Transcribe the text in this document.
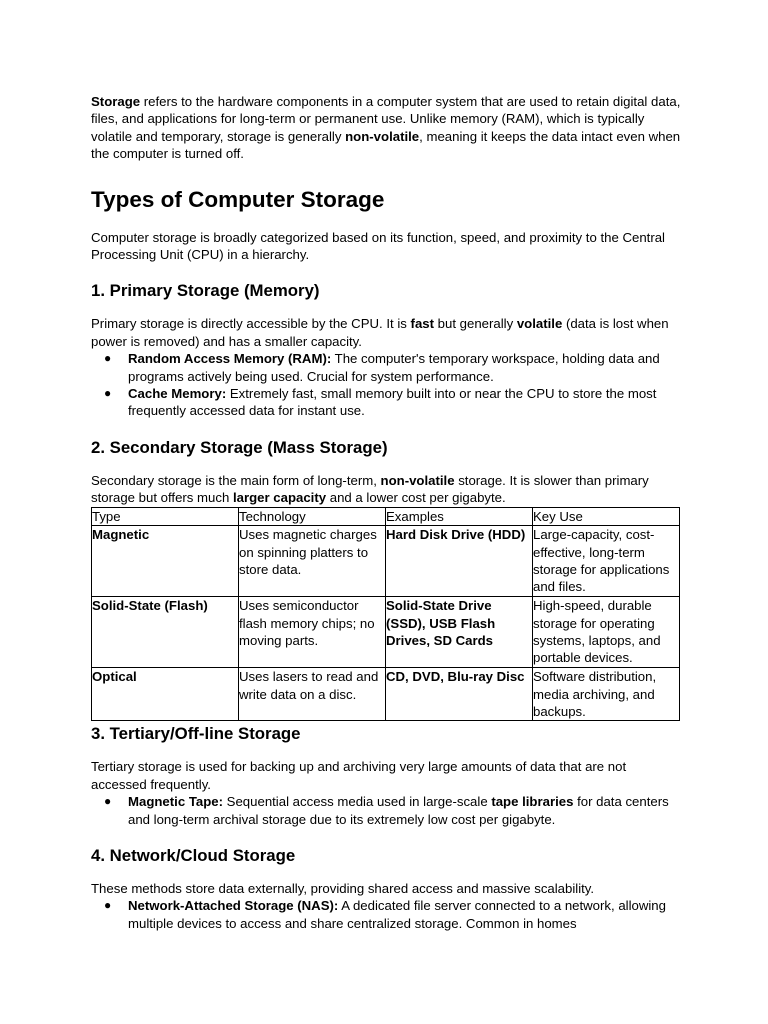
Storage refers to the hardware components in a computer system that are used to retain digital data, files, and applications for long-term or permanent use. Unlike memory (RAM), which is typically volatile and temporary, storage is generally non-volatile, meaning it keeps the data intact even when the computer is turned off.

Types of Computer Storage

Computer storage is broadly categorized based on its function, speed, and proximity to the Central Processing Unit (CPU) in a hierarchy.

1. Primary Storage (Memory)

Primary storage is directly accessible by the CPU. It is fast but generally volatile (data is lost when power is removed) and has a smaller capacity.

● Random Access Memory (RAM): The computer's temporary workspace, holding data and programs actively being used. Crucial for system performance.
● Cache Memory: Extremely fast, small memory built into or near the CPU to store the most frequently accessed data for instant use.
2. Secondary Storage (Mass Storage)

Secondary storage is the main form of long-term, non-volatile storage. It is slower than primary storage but offers much larger capacity and a lower cost per gigabyte.

Type	Technology	Examples	Key Use
Magnetic	Uses magnetic charges on spinning platters to store data.	Hard Disk Drive (HDD)	Large-capacity, cost-effective, long-term storage for applications and files.
Solid-State (Flash)	Uses semiconductor flash memory chips; no moving parts.	Solid-State Drive (SSD), USB Flash Drives, SD Cards	High-speed, durable storage for operating systems, laptops, and portable devices.
Optical	Uses lasers to read and write data on a disc.	CD, DVD, Blu-ray Disc	Software distribution, media archiving, and backups.
3. Tertiary/Off-line Storage

Tertiary storage is used for backing up and archiving very large amounts of data that are not accessed frequently.

● Magnetic Tape: Sequential access media used in large-scale tape libraries for data centers and long-term archival storage due to its extremely low cost per gigabyte.
4. Network/Cloud Storage

These methods store data externally, providing shared access and massive scalability.

● Network-Attached Storage (NAS): A dedicated file server connected to a network, allowing multiple devices to access and share centralized storage. Common in homes
